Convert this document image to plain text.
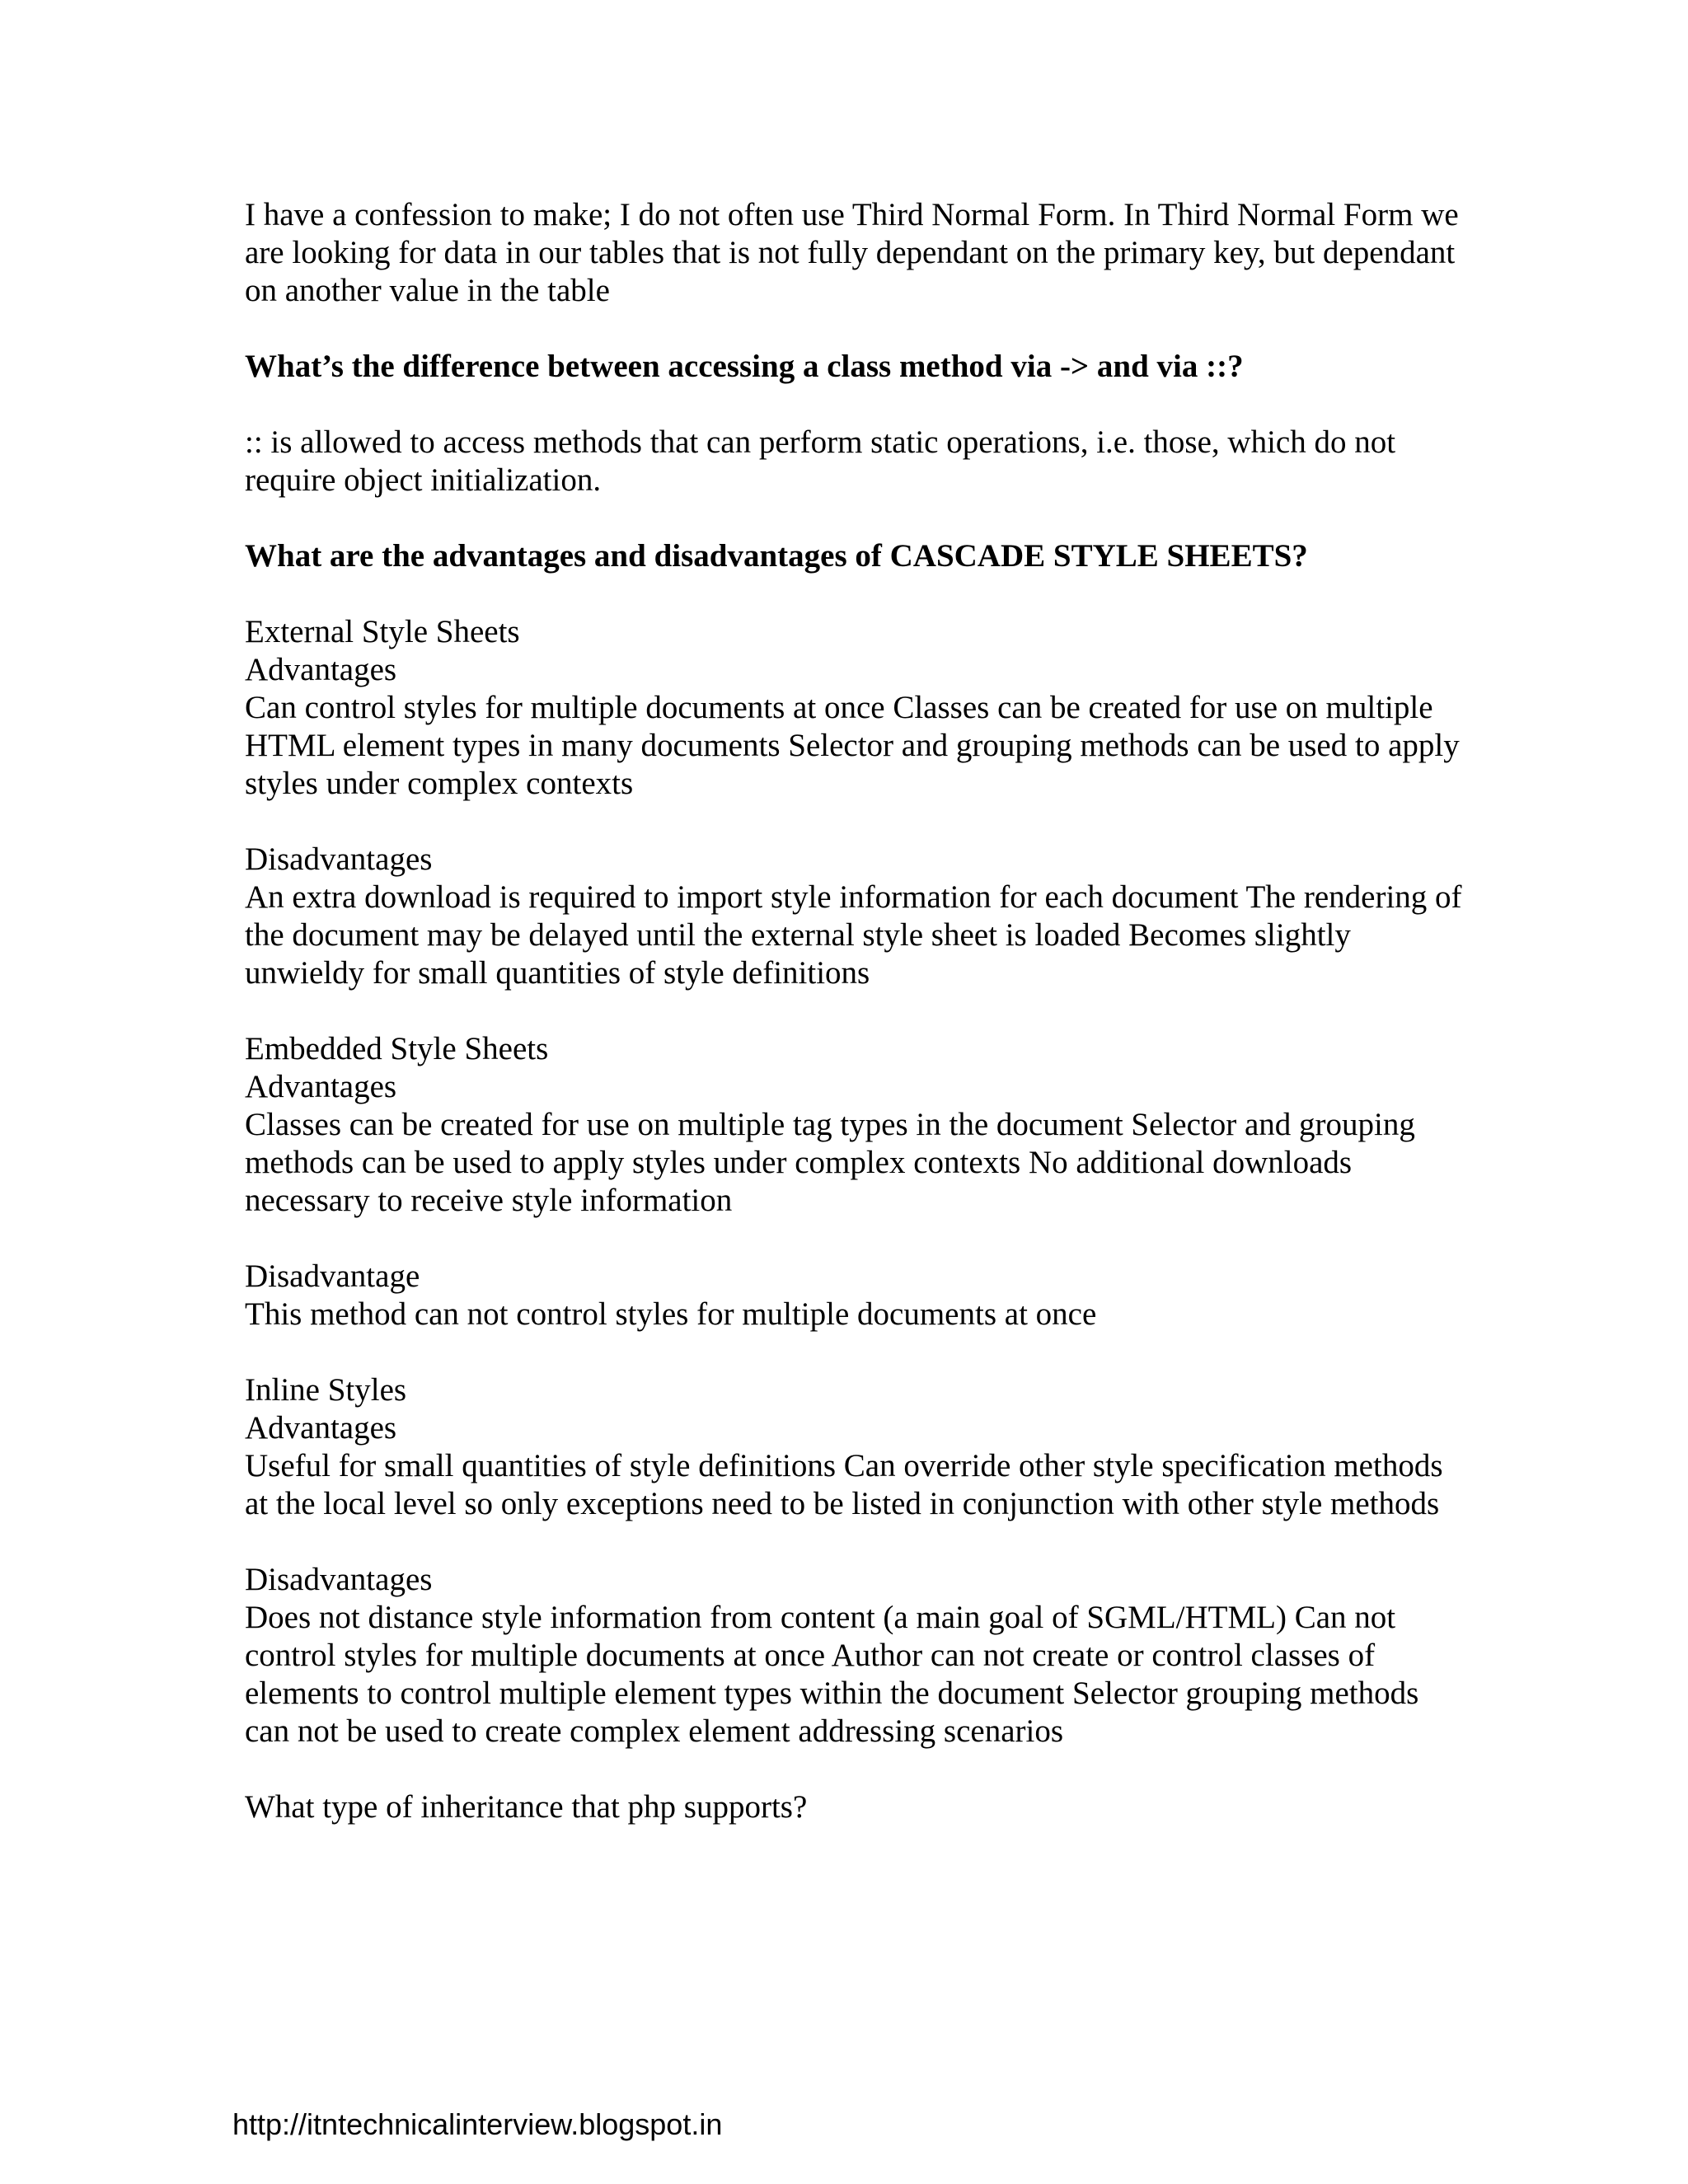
I have a confession to make; I do not often use Third Normal Form. In Third Normal Form we are looking for data in our tables that is not fully dependant on the primary key, but dependant on another value in the table

What’s the difference between accessing a class method via -> and via ::?

:: is allowed to access methods that can perform static operations, i.e. those, which do not require object initialization.

What are the advantages and disadvantages of CASCADE STYLE SHEETS?

External Style Sheets
Advantages
Can control styles for multiple documents at once Classes can be created for use on multiple HTML element types in many documents Selector and grouping methods can be used to apply styles under complex contexts
Disadvantages
An extra download is required to import style information for each document The rendering of the document may be delayed until the external style sheet is loaded Becomes slightly unwieldy for small quantities of style definitions
Embedded Style Sheets
Advantages
Classes can be created for use on multiple tag types in the document Selector and grouping methods can be used to apply styles under complex contexts No additional downloads necessary to receive style information
Disadvantage
This method can not control styles for multiple documents at once
Inline Styles
Advantages
Useful for small quantities of style definitions Can override other style specification methods at the local level so only exceptions need to be listed in conjunction with other style methods
Disadvantages
Does not distance style information from content (a main goal of SGML/HTML) Can not control styles for multiple documents at once Author can not create or control classes of elements to control multiple element types within the document Selector grouping methods can not be used to create complex element addressing scenarios

What type of inheritance that php supports?

http://itntechnicalinterview.blogspot.in
